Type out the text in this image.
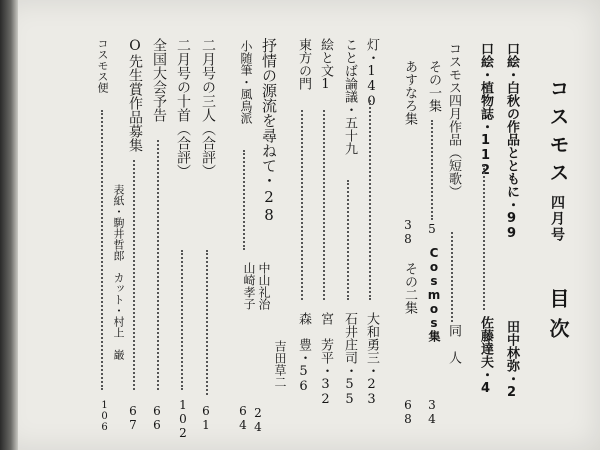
コスモス
四月号
目次
口絵・白秋の作品とともに・99
田中林弥・2
口絵・植物誌・112
佐藤達夫・4
コスモス四月作品（短歌）
同人
その一集
5
Cosmos集
34
あすなろ集
38
その二集
68
灯・140
大和勇三・23
ことば論議・五十九
石井庄司・55
絵と文1
宮　芳平・32
東方の門
森　豊・56
抒情の源流を尋ねて・28
中山礼治
山崎孝子
24
吉田草二
小随筆・風鳥派
64
二月号の三人（合評）
61
二月号の十首（合評）
102
全国大会予告
66
O先生賞作品募集
67
コスモス便
106
表紙・駒井哲郎　カット・村上　巌
